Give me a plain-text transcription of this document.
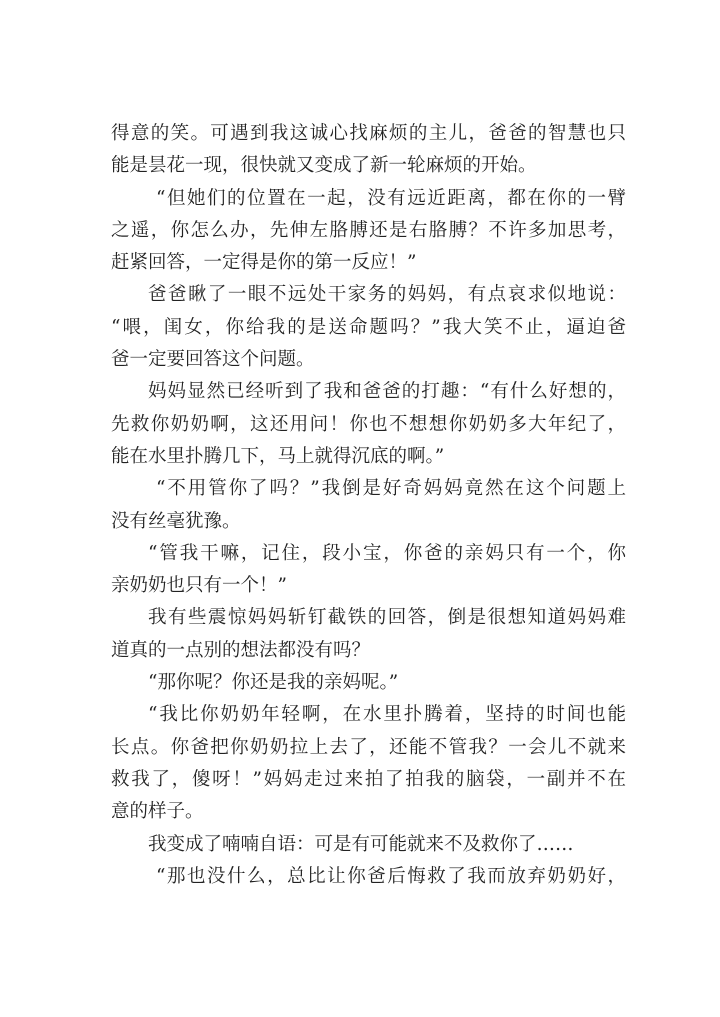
得意的笑。可遇到我这诚心找麻烦的主儿，爸爸的智慧也只
能是昙花一现，很快就又变成了新一轮麻烦的开始。
“但她们的位置在一起，没有远近距离，都在你的一臂
之遥，你怎么办，先伸左胳膊还是右胳膊？不许多加思考，
赶紧回答，一定得是你的第一反应！”
爸爸瞅了一眼不远处干家务的妈妈，有点哀求似地说：
“喂，闺女，你给我的是送命题吗？”我大笑不止，逼迫爸
爸一定要回答这个问题。
妈妈显然已经听到了我和爸爸的打趣：“有什么好想的，
先救你奶奶啊，这还用问！你也不想想你奶奶多大年纪了，
能在水里扑腾几下，马上就得沉底的啊。”
“不用管你了吗？”我倒是好奇妈妈竟然在这个问题上
没有丝毫犹豫。
“管我干嘛，记住，段小宝，你爸的亲妈只有一个，你
亲奶奶也只有一个！”
我有些震惊妈妈斩钉截铁的回答，倒是很想知道妈妈难
道真的一点别的想法都没有吗？
“那你呢？你还是我的亲妈呢。”
“我比你奶奶年轻啊，在水里扑腾着，坚持的时间也能
长点。你爸把你奶奶拉上去了，还能不管我？一会儿不就来
救我了，傻呀！”妈妈走过来拍了拍我的脑袋，一副并不在
意的样子。
我变成了喃喃自语：可是有可能就来不及救你了……
“那也没什么，总比让你爸后悔救了我而放弃奶奶好，
